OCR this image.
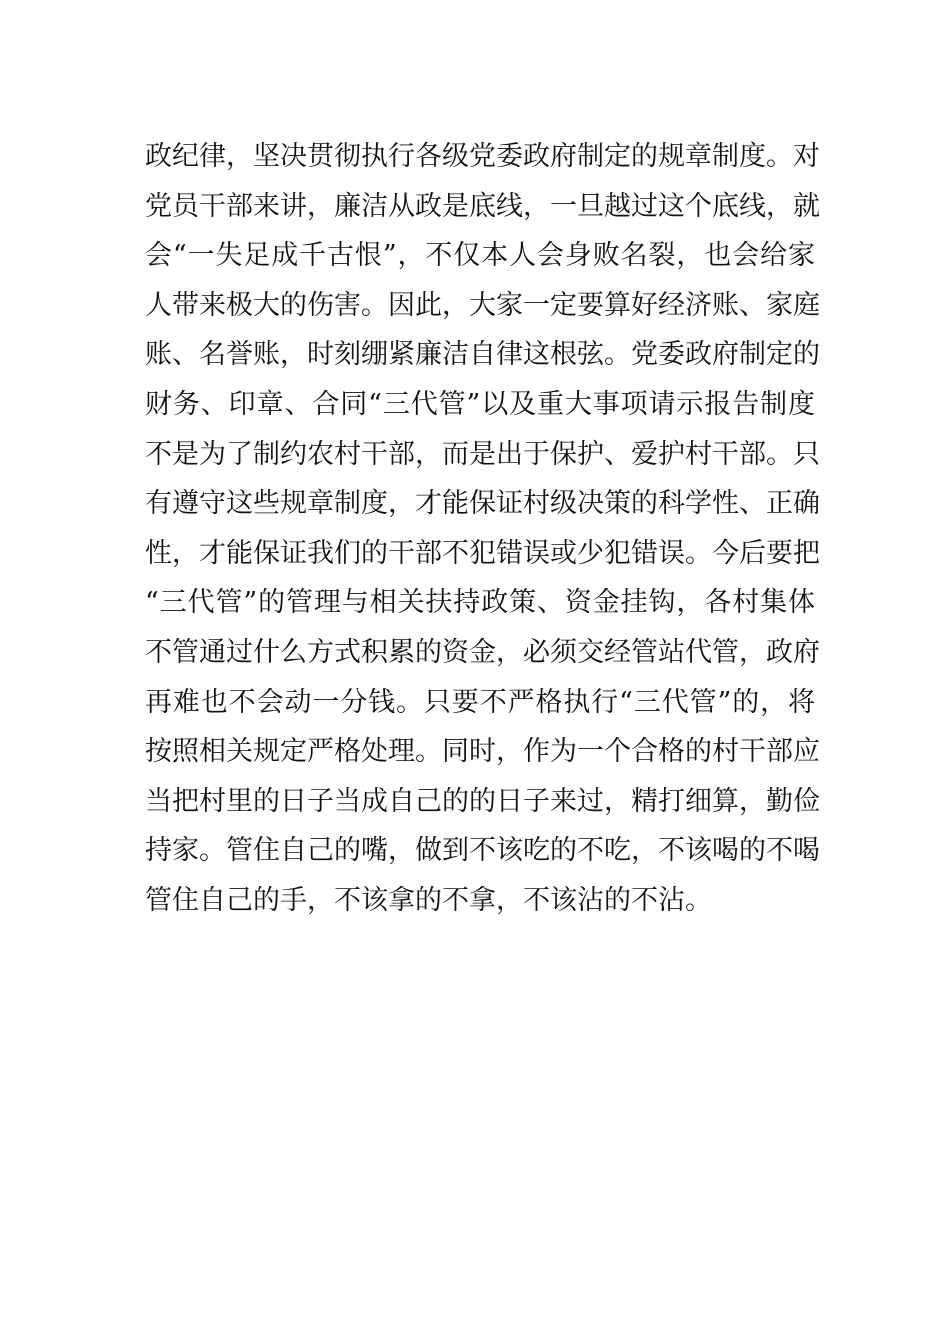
政纪律，坚决贯彻执行各级党委政府制定的规章制度。对
党员干部来讲，廉洁从政是底线，一旦越过这个底线，就
会“一失足成千古恨”，不仅本人会身败名裂，也会给家
人带来极大的伤害。因此，大家一定要算好经济账、家庭
账、名誉账，时刻绷紧廉洁自律这根弦。党委政府制定的
财务、印章、合同“三代管”以及重大事项请示报告制度
不是为了制约农村干部，而是出于保护、爱护村干部。只
有遵守这些规章制度，才能保证村级决策的科学性、正确
性，才能保证我们的干部不犯错误或少犯错误。今后要把
“三代管”的管理与相关扶持政策、资金挂钩，各村集体
不管通过什么方式积累的资金，必须交经管站代管，政府
再难也不会动一分钱。只要不严格执行“三代管”的，将
按照相关规定严格处理。同时，作为一个合格的村干部应
当把村里的日子当成自己的的日子来过，精打细算，勤俭
持家。管住自己的嘴，做到不该吃的不吃，不该喝的不喝
管住自己的手，不该拿的不拿，不该沾的不沾。
